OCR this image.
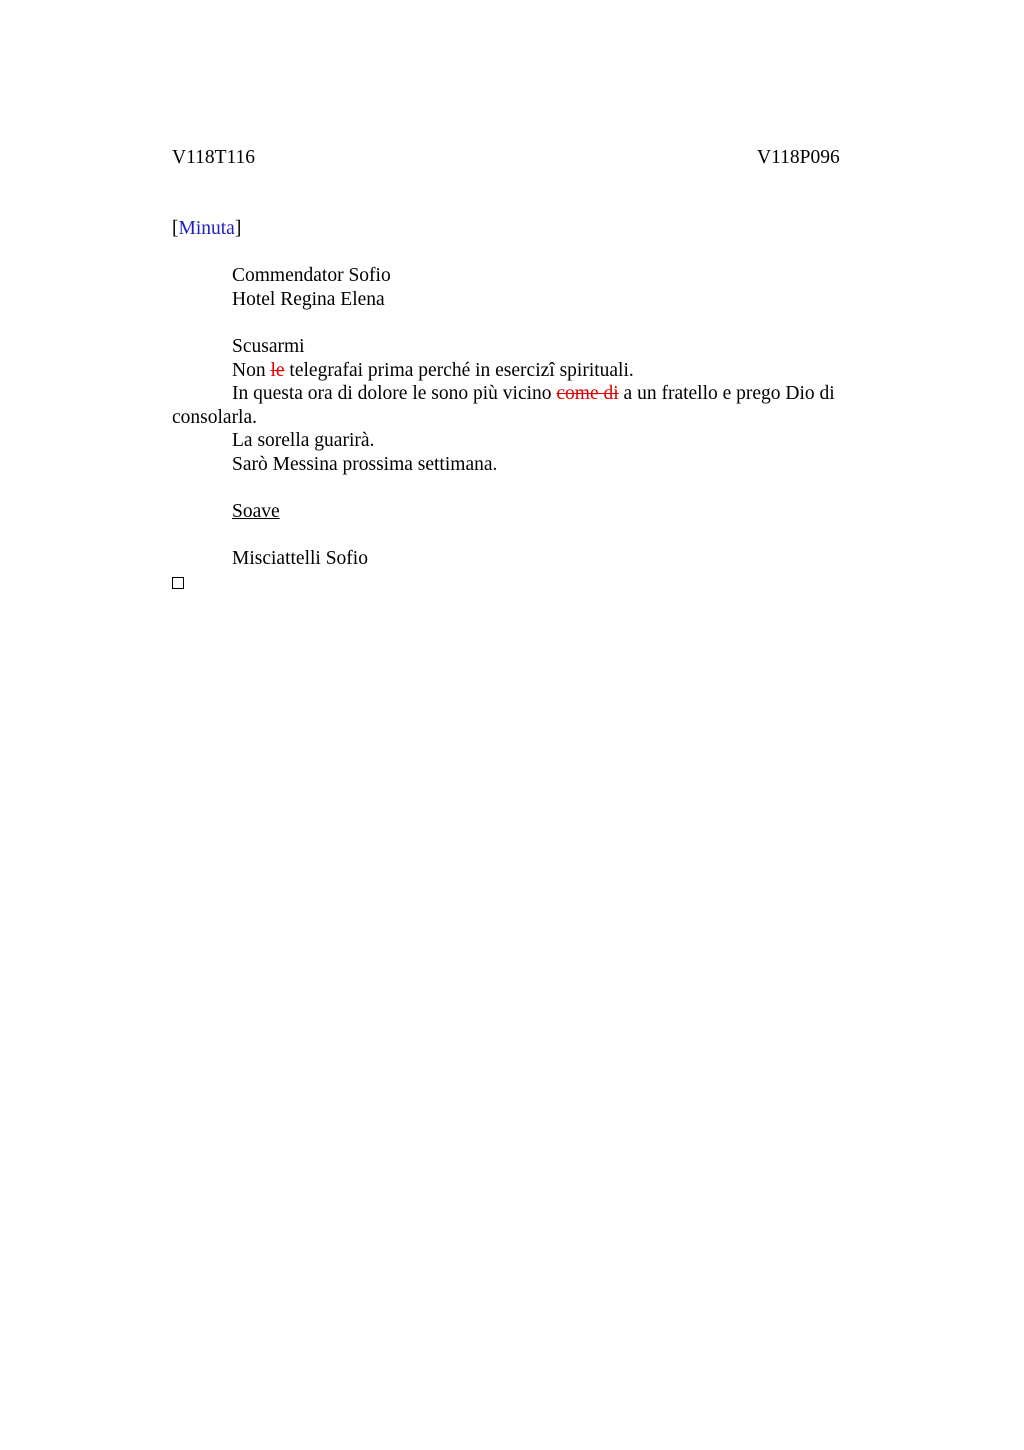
V118T116	V118P096
[Minuta]
Commendator Sofio
Hotel Regina Elena
Scusarmi
Non le telegrafai prima perché in esercizi spirituali.
In questa ora di dolore le sono più vicino come di a un fratello e prego Dio di consolarla.
La sorella guarirà.
Sarò Messina prossima settimana.
Soave
Misciattelli Sofio
